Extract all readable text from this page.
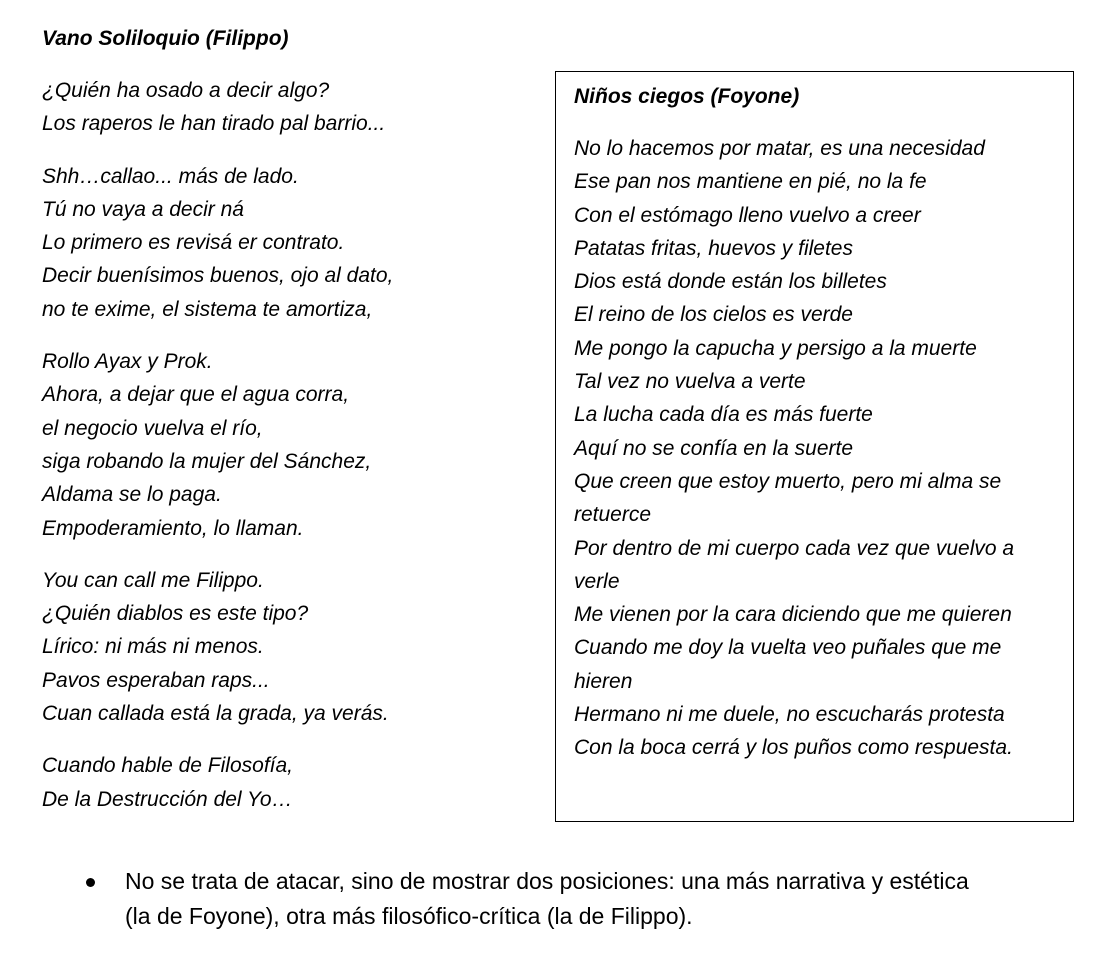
Vano Soliloquio (Filippo)
¿Quién ha osado a decir algo?
Los raperos le han tirado pal barrio...
Shh…callao... más de lado.
Tú no vaya a decir ná
Lo primero es revisá er contrato.
Decir buenísimos buenos, ojo al dato,
no te exime, el sistema te amortiza,
Rollo Ayax y Prok.
Ahora, a dejar que el agua corra,
el negocio vuelva el río,
siga robando la mujer del Sánchez,
Aldama se lo paga.
Empoderamiento, lo llaman.
You can call me Filippo.
¿Quién diablos es este tipo?
Lírico: ni más ni menos.
Pavos esperaban raps...
Cuan callada está la grada, ya verás.
Cuando hable de Filosofía,
De la Destrucción del Yo…
Niños ciegos (Foyone)
No lo hacemos por matar, es una necesidad
Ese pan nos mantiene en pié, no la fe
Con el estómago lleno vuelvo a creer
Patatas fritas, huevos y filetes
Dios está donde están los billetes
El reino de los cielos es verde
Me pongo la capucha y persigo a la muerte
Tal vez no vuelva a verte
La lucha cada día es más fuerte
Aquí no se confía en la suerte
Que creen que estoy muerto, pero mi alma se retuerce
Por dentro de mi cuerpo cada vez que vuelvo a verle
Me vienen por la cara diciendo que me quieren
Cuando me doy la vuelta veo puñales que me hieren
Hermano ni me duele, no escucharás protesta
Con la boca cerrá y los puños como respuesta.
No se trata de atacar, sino de mostrar dos posiciones: una más narrativa y estética (la de Foyone), otra más filosófico-crítica (la de Filippo).
